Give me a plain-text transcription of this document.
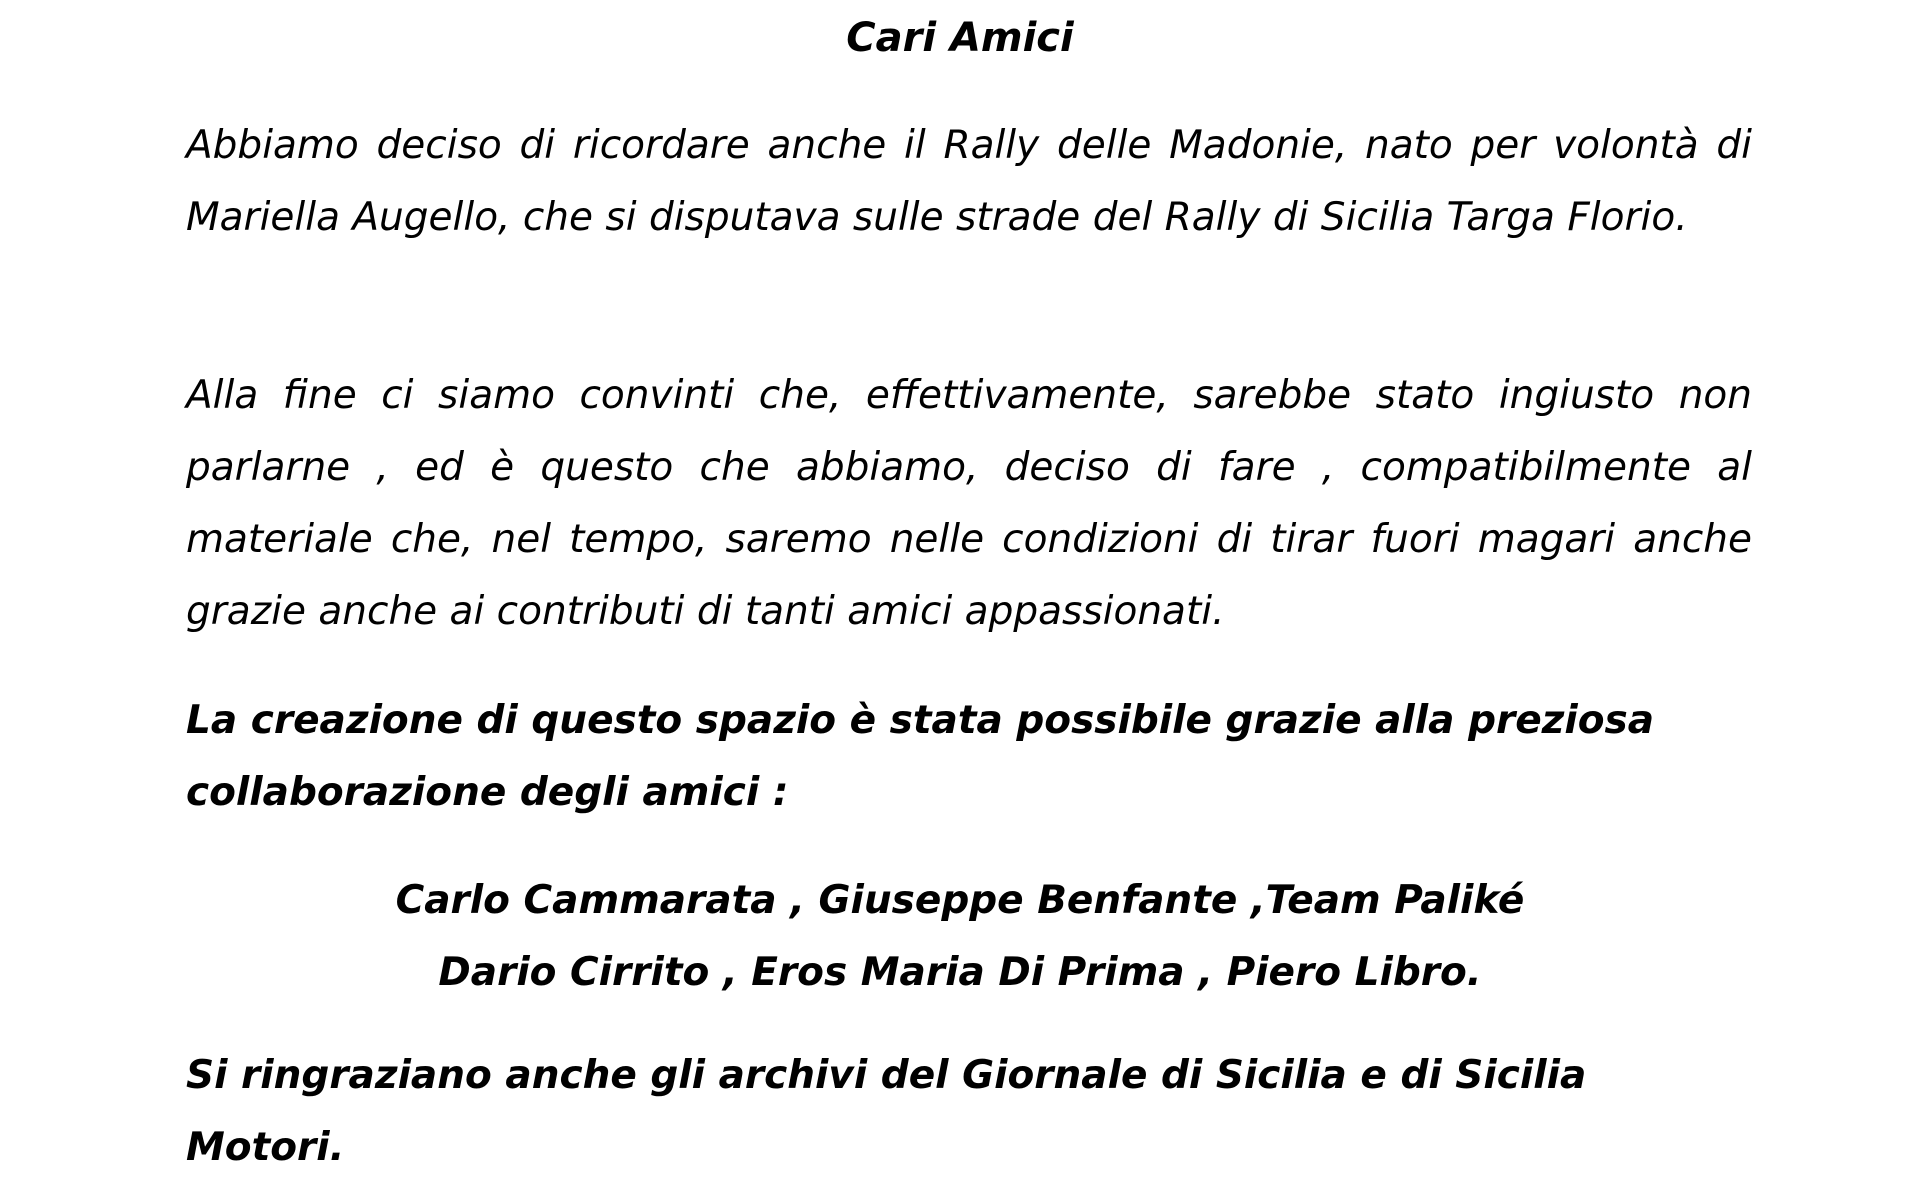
Cari Amici

Abbiamo deciso di ricordare anche il Rally delle Madonie, nato per volontà di Mariella Augello, che si disputava sulle strade del Rally di Sicilia Targa Florio.

Alla fine ci siamo convinti che, effettivamente, sarebbe stato ingiusto non parlarne , ed è questo che abbiamo, deciso di fare , compatibilmente al materiale che, nel tempo, saremo nelle condizioni di tirar fuori magari anche grazie anche ai contributi di tanti amici appassionati.

La creazione di questo spazio è stata possibile grazie alla preziosa collaborazione degli amici :

Carlo Cammarata , Giuseppe Benfante ,Team Paliké
Dario Cirrito , Eros Maria Di Prima , Piero Libro.

Si ringraziano anche gli archivi del Giornale di Sicilia e di Sicilia Motori.
